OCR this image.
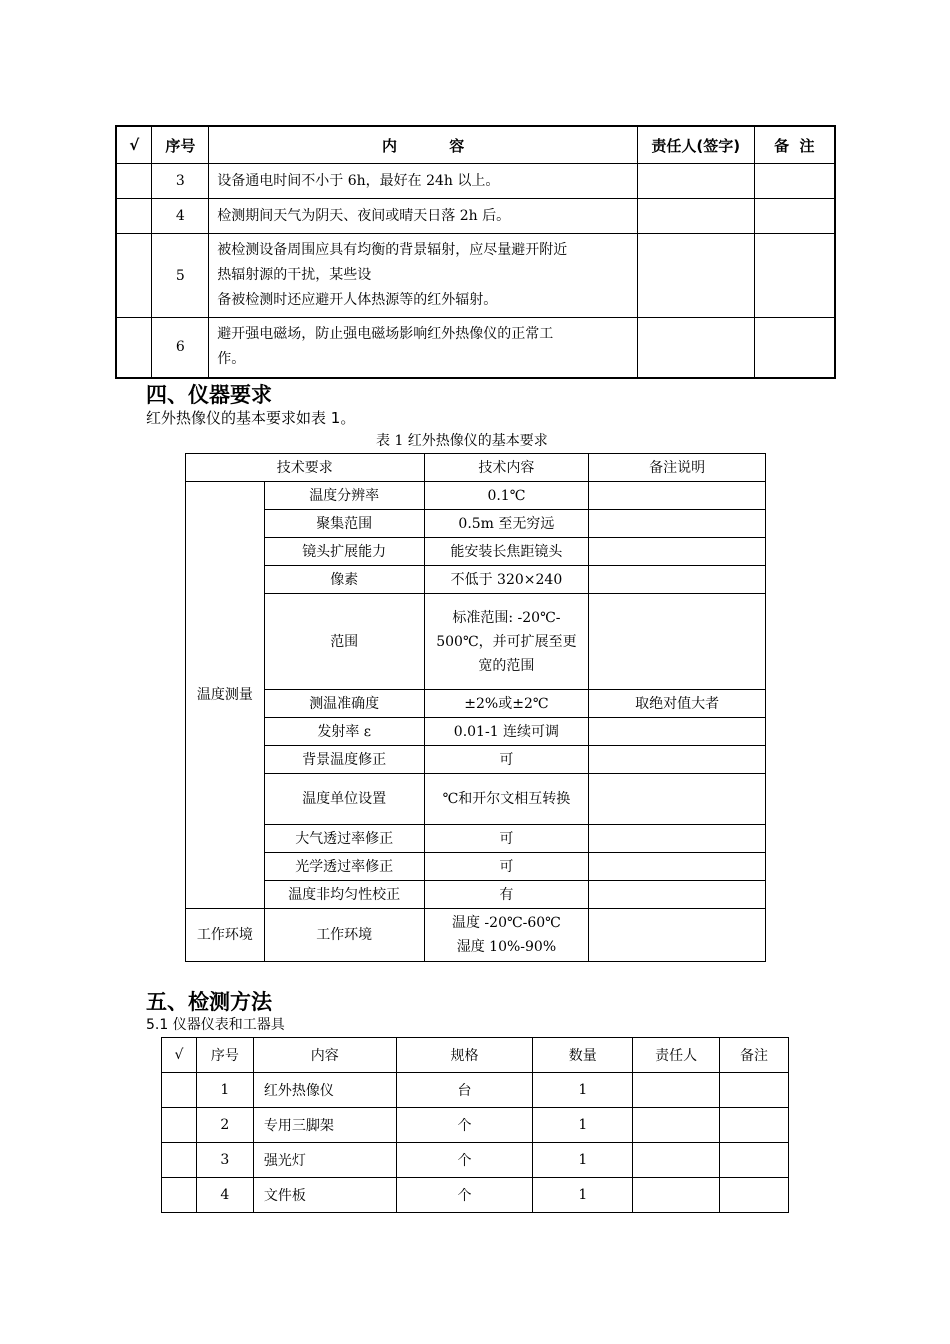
√	序号	内          容	责任人(签字)	备  注
	3	设备通电时间不小于 6h，最好在 24h 以上。		
	4	检测期间天气为阴天、夜间或晴天日落 2h 后。		
	5	被检测设备周围应具有均衡的背景辐射，应尽量避开附近
热辐射源的干扰，某些设
备被检测时还应避开人体热源等的红外辐射。		

	6	避开强电磁场，防止强电磁场影响红外热像仪的正常工
作。		

四、仪器要求

红外热像仪的基本要求如表 1。

表 1 红外热像仪的基本要求

技术要求		技术内容	备注说明
温度测量	温度分辨率	0.1℃	
	聚集范围	0.5m 至无穷远	
	镜头扩展能力	能安装长焦距镜头	
	像素	不低于 320×240	
	范围	标准范围: -20℃-
500℃，并可扩展至更
宽的范围	

	测温准确度	±2%或±2℃	取绝对值大者
	发射率 ε	0.01-1 连续可调	
	背景温度修正	可	
	温度单位设置	℃和开尔文相互转换	
	大气透过率修正	可	
	光学透过率修正	可	
	温度非均匀性校正	有	
工作环境	工作环境	温度 -20℃-60℃
湿度 10%-90%	

五、检测方法

5.1 仪器仪表和工器具

√	序号	内容	规格	数量	责任人	备注
	1	红外热像仪	台	1		
	2	专用三脚架	个	1		
	3	强光灯	个	1		
	4	文件板	个	1		
